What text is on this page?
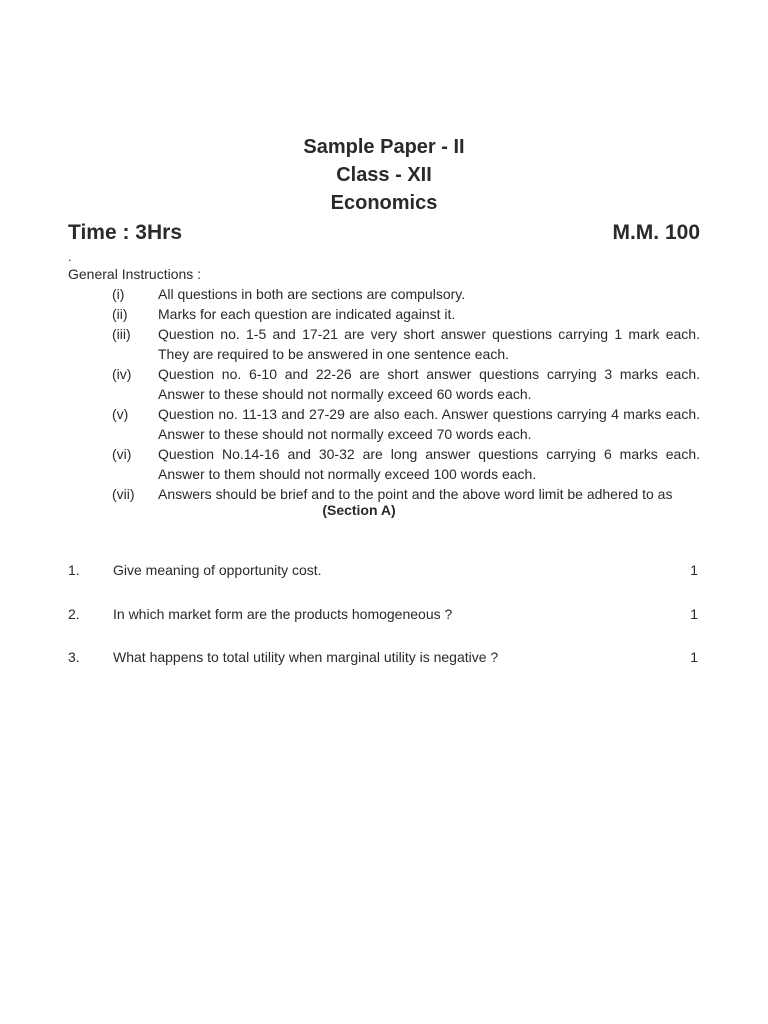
Sample Paper - II
Class - XII
Economics
Time : 3Hrs	M.M. 100
.
General Instructions :
(i)	All questions in both are sections are compulsory.
(ii)	Marks for each question are indicated against it.
(iii)	Question no. 1-5 and 17-21 are very short answer questions carrying 1 mark each. They are required to be answered in one sentence each.
(iv)	Question no. 6-10 and 22-26 are short answer questions carrying 3 marks each. Answer to these should not normally exceed 60 words each.
(v)	Question no. 11-13 and 27-29 are also each. Answer questions carrying 4 marks each. Answer to these should not normally exceed 70 words each.
(vi)	Question No.14-16 and 30-32 are long answer questions carrying 6 marks each. Answer to them should not normally exceed 100 words each.
(vii)	Answers should be brief and to the point and the above word limit be adhered to as
(Section A)
1. Give meaning of opportunity cost.	1
2. In which market form are the products homogeneous ?	1
3. What happens to total utility when marginal utility is negative ?	1
